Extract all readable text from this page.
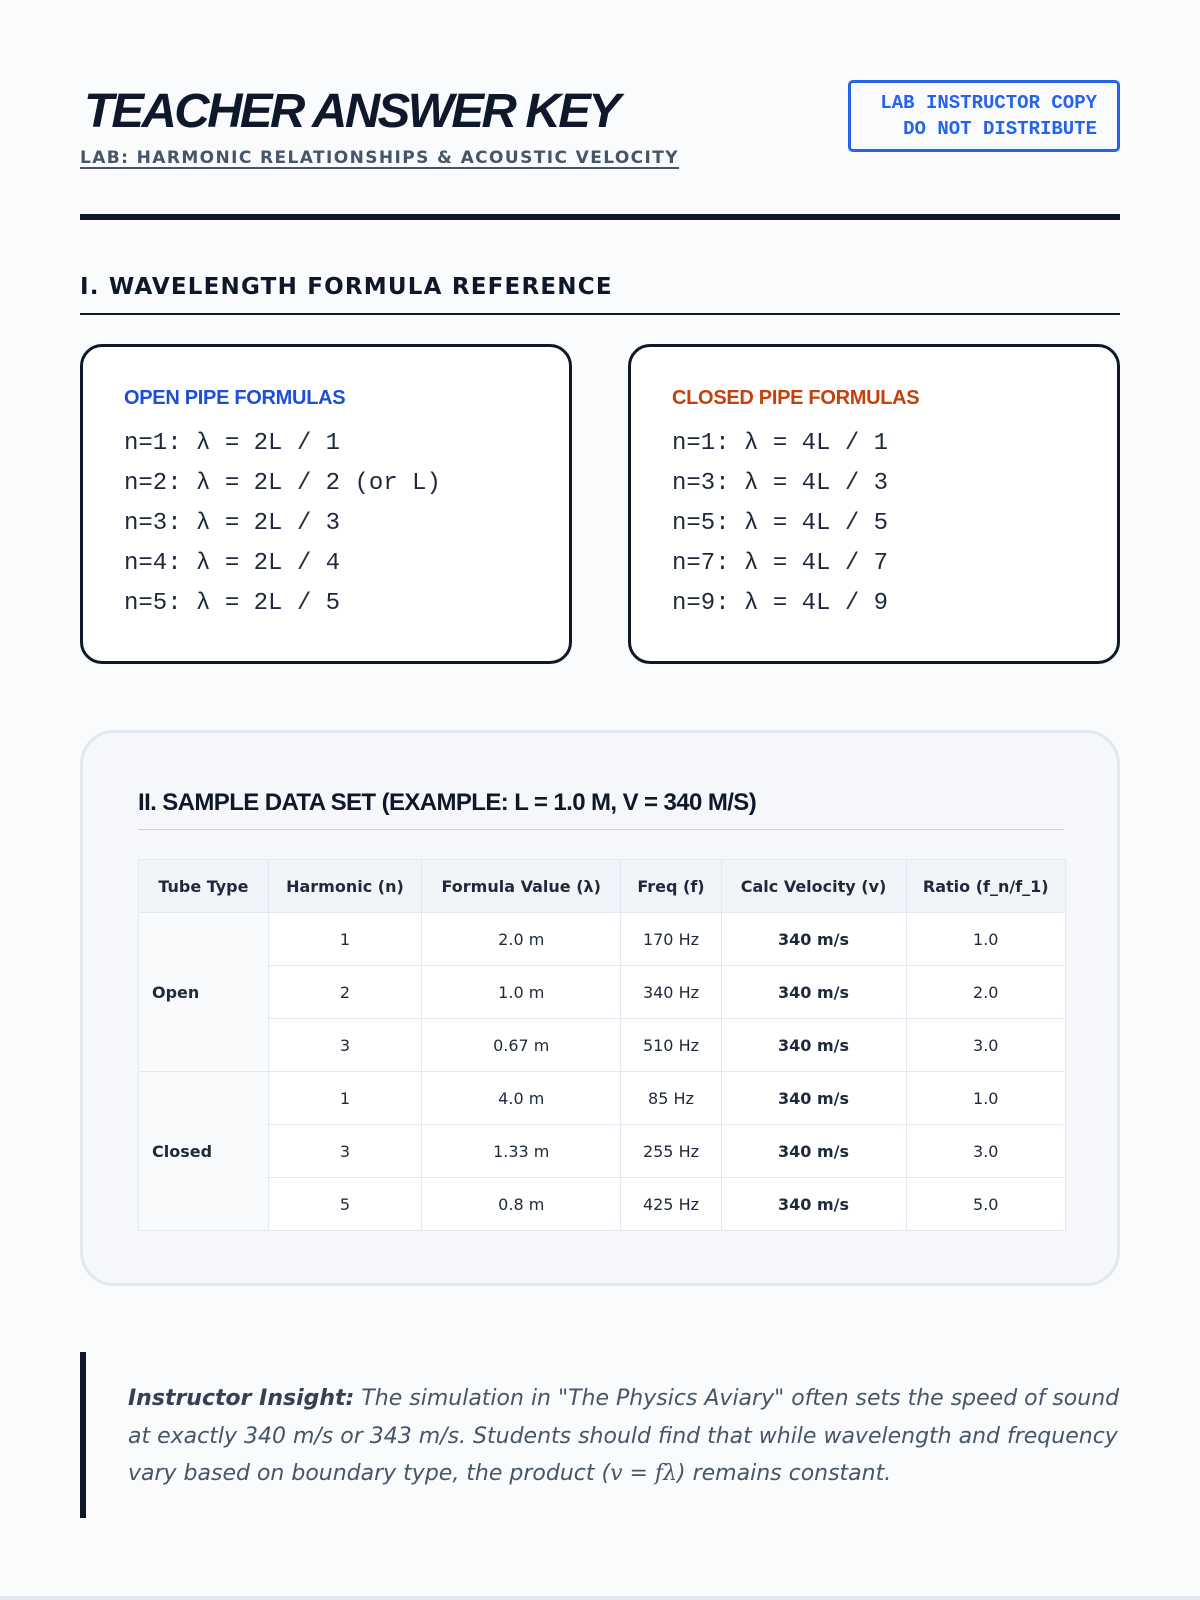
TEACHER ANSWER KEY
LAB: HARMONIC RELATIONSHIPS & ACOUSTIC VELOCITY
LAB INSTRUCTOR COPY
DO NOT DISTRIBUTE
I. WAVELENGTH FORMULA REFERENCE
OPEN PIPE FORMULAS
n=1: λ = 2L / 1
n=2: λ = 2L / 2 (or L)
n=3: λ = 2L / 3
n=4: λ = 2L / 4
n=5: λ = 2L / 5
CLOSED PIPE FORMULAS
n=1: λ = 4L / 1
n=3: λ = 4L / 3
n=5: λ = 4L / 5
n=7: λ = 4L / 7
n=9: λ = 4L / 9
II. SAMPLE DATA SET (EXAMPLE: L = 1.0 M, V = 340 M/S)
Tube Type	Harmonic (n)	Formula Value (λ)	Freq (f)	Calc Velocity (v)	Ratio (f_n/f_1)
Open	1	2.0 m	170 Hz	340 m/s	1.0
	2	1.0 m	340 Hz	340 m/s	2.0
	3	0.67 m	510 Hz	340 m/s	3.0
Closed	1	4.0 m	85 Hz	340 m/s	1.0
	3	1.33 m	255 Hz	340 m/s	3.0
	5	0.8 m	425 Hz	340 m/s	5.0
Instructor Insight: The simulation in "The Physics Aviary" often sets the speed of sound at exactly 340 m/s or 343 m/s. Students should find that while wavelength and frequency vary based on boundary type, the product (v = fλ) remains constant.
